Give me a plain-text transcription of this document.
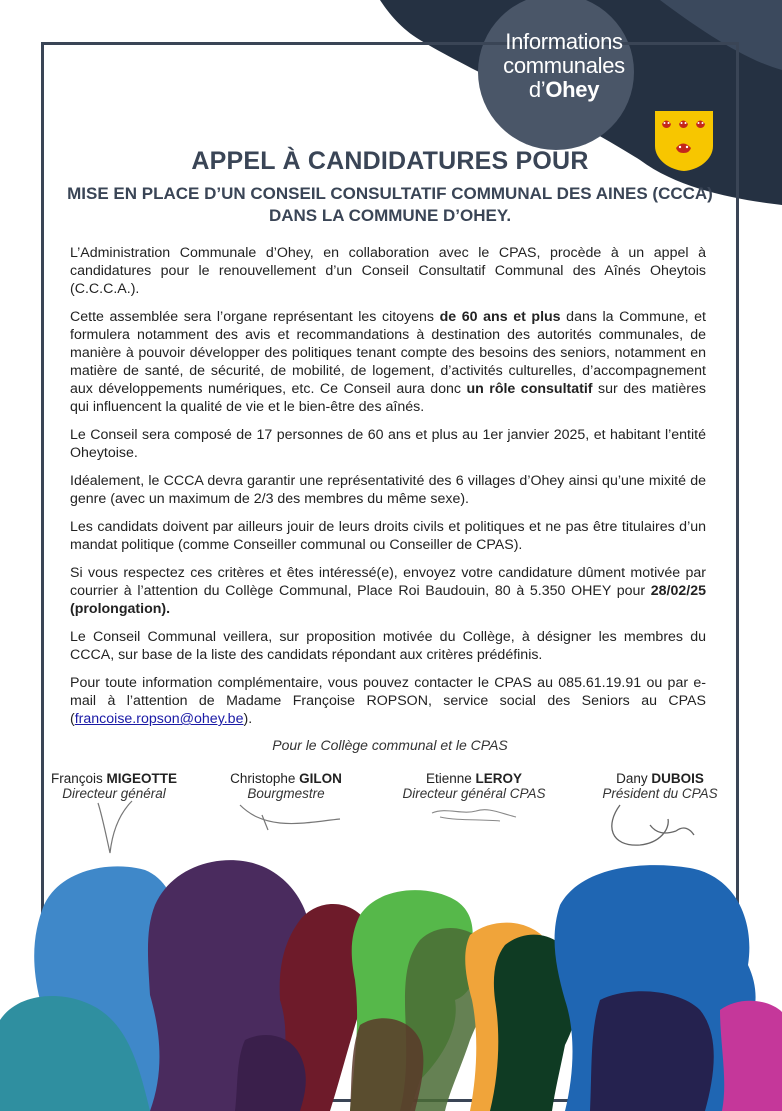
Informations
communales
d’Ohey
APPEL À CANDIDATURES POUR
MISE EN PLACE D’UN CONSEIL CONSULTATIF COMMUNAL DES AINES (CCCA)
DANS LA COMMUNE D’OHEY.

L’Administration Communale d’Ohey, en collaboration avec le CPAS, procède à un appel à candidatures pour le renouvellement d’un Conseil Consultatif Communal des Aînés Oheytois (C.C.C.A.).

Cette assemblée sera l’organe représentant les citoyens de 60 ans et plus dans la Commune, et formulera notamment des avis et recommandations à destination des autorités communales, de manière à pouvoir développer des politiques tenant compte des besoins des seniors, notamment en matière de santé, de sécurité, de mobilité, de logement, d’activités culturelles, d’accompagnement aux développements numériques, etc. Ce Conseil aura donc un rôle consultatif sur des matières qui influencent la qualité de vie et le bien-être des aînés.

Le Conseil sera composé de 17 personnes de 60 ans et plus au 1er janvier 2025, et habitant l’entité Oheytoise.

Idéalement, le CCCA devra garantir une représentativité des 6 villages d’Ohey ainsi qu’une mixité de genre (avec un maximum de 2/3 des membres du même sexe).

Les candidats doivent par ailleurs jouir de leurs droits civils et politiques et ne pas être titulaires d’un mandat politique (comme Conseiller communal ou Conseiller de CPAS).

Si vous respectez ces critères et êtes intéressé(e), envoyez votre candidature dûment motivée par courrier à l’attention du Collège Communal, Place Roi Baudouin, 80 à 5.350 OHEY pour 28/02/25 (prolongation).

Le Conseil Communal veillera, sur proposition motivée du Collège, à désigner les membres du CCCA, sur base de la liste des candidats répondant aux critères prédéfinis.

Pour toute information complémentaire, vous pouvez contacter le CPAS au 085.61.19.91 ou par e-mail à l’attention de Madame Françoise ROPSON, service social des Seniors au CPAS (francoise.ropson@ohey.be).

Pour le Collège communal et le CPAS
François MIGEOTTE
Directeur général
Christophe GILON
Bourgmestre
Etienne LEROY
Directeur général CPAS
Dany DUBOIS
Président du CPAS
